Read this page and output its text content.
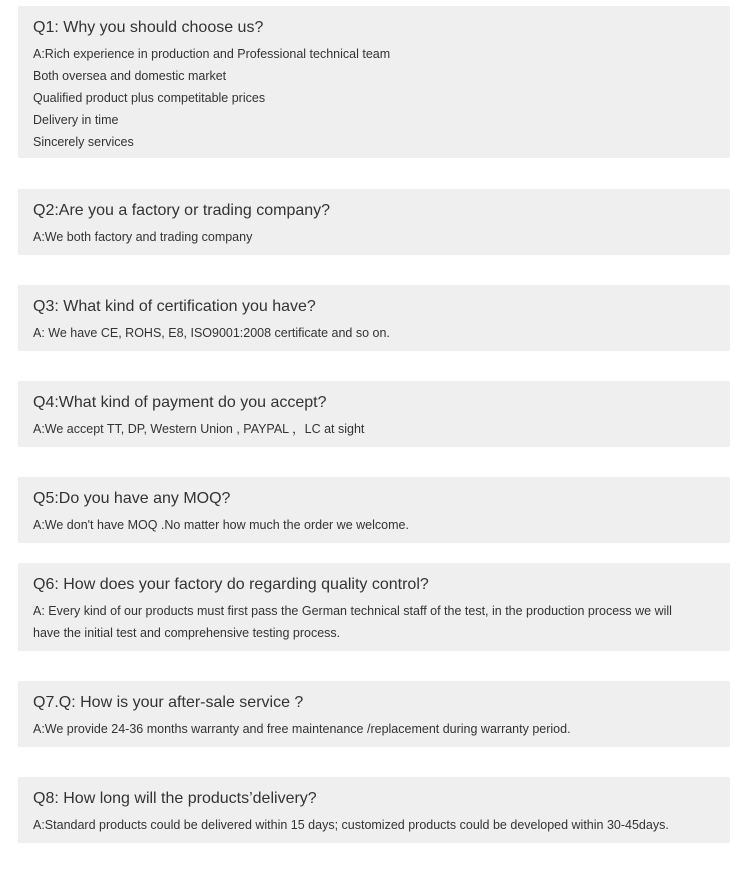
Q1: Why you should choose us?
A:Rich experience in production and Professional technical team
Both oversea and domestic market
Qualified product plus competitable prices
Delivery in time
Sincerely services
Q2:Are you a factory or trading company?
A:We both factory and trading company
Q3: What kind of certification you have?
A: We have CE, ROHS, E8, ISO9001:2008 certificate and so on.
Q4:What kind of payment do you accept?
A:We accept TT, DP, Western Union , PAYPAL ，LC at sight
Q5:Do you have any MOQ?
A:We don't have MOQ .No matter how much the order we welcome.
Q6: How does your factory do regarding quality control?
A: Every kind of our products must first pass the German technical staff of the test, in the production process we will
have the initial test and comprehensive testing process.
Q7.Q: How is your after-sale service ?
A:We provide 24-36 months warranty and free maintenance /replacement during warranty period.
Q8: How long will the products’delivery?
A:Standard products could be delivered within 15 days; customized products could be developed within 30-45days.
